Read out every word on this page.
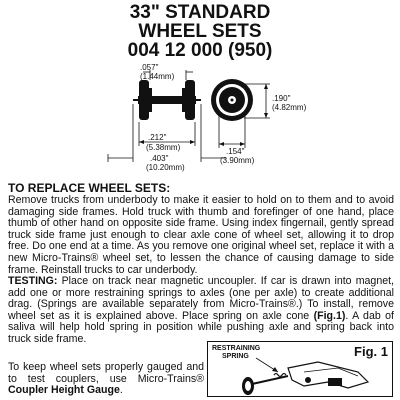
33" STANDARD
WHEEL SETS
004 12 000 (950)
.057"
(1.44mm)
.212"
(5.38mm)
.403"
(10.20mm)
.190"
(4.82mm)
.154"
(3.90mm)
TO REPLACE WHEEL SETS:
Remove trucks from underbody to make it easier to hold on to them and to avoid damaging side frames. Hold truck with thumb and forefinger of one hand, place thumb of other hand on opposite side frame. Using index fingernail, gently spread truck side frame just enough to clear axle cone of wheel set, allowing it to drop free. Do one end at a time. As you remove one original wheel set, replace it with a new Micro-Trains® wheel set, to lessen the chance of causing damage to side frame. Reinstall trucks to car underbody.
TESTING: Place on track near magnetic uncoupler. If car is drawn into magnet, add one or more restraining springs to axles (one per axle) to create additional drag. (Springs are available separately from Micro-Trains®.) To install, remove wheel set as it is explained above. Place spring on axle cone (Fig.1). A dab of saliva will help hold spring in position while pushing axle and spring back into truck side frame.
To keep wheel sets properly gauged and to test couplers, use Micro-Trains® Coupler Height Gauge.
Fig. 1
RESTRAINING
SPRING
